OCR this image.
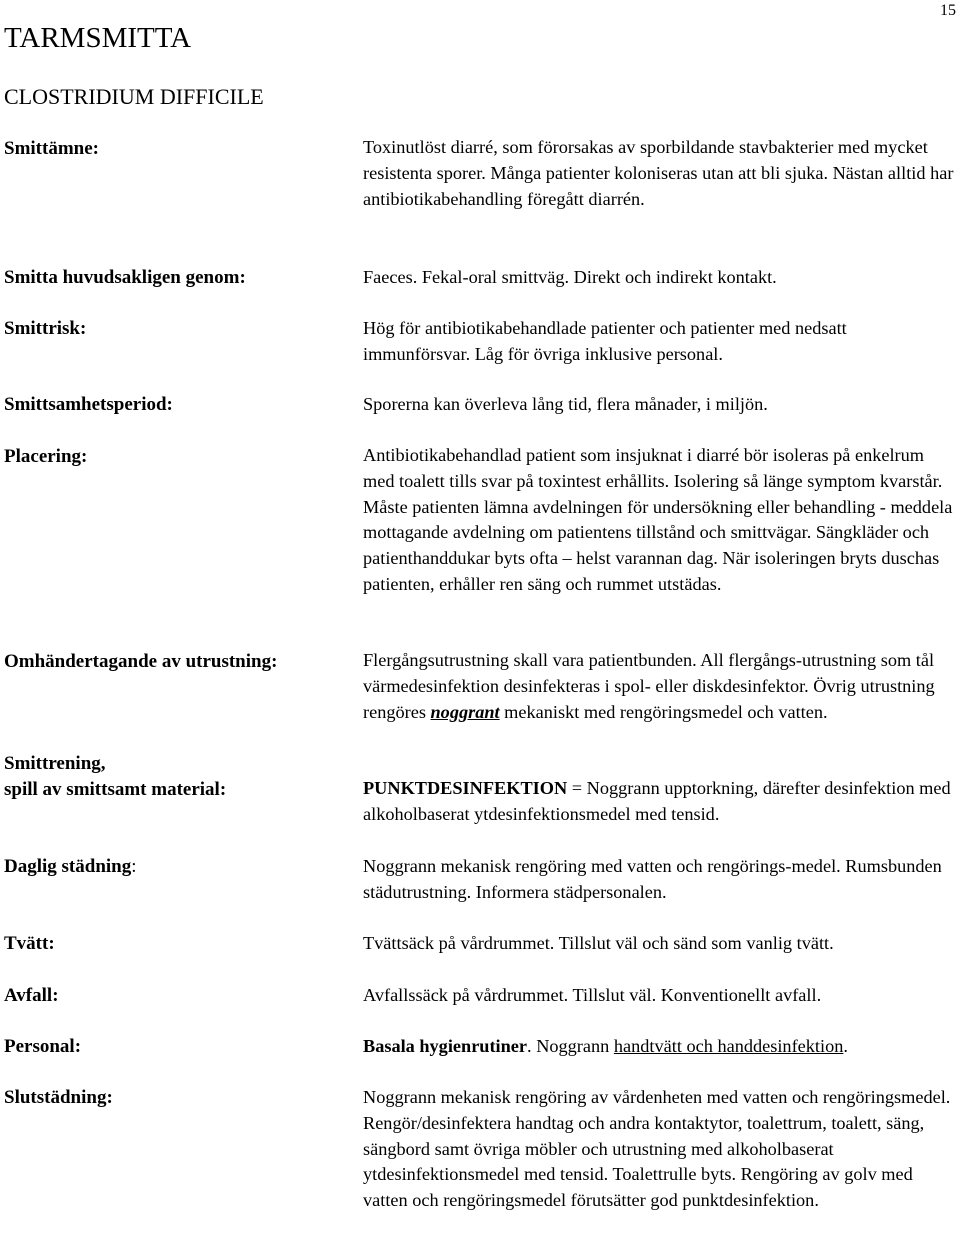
15
TARMSMITTA
CLOSTRIDIUM DIFFICILE
Smittämne:	Toxinutlöst diarré, som förorsakas av sporbildande stavbakterier med mycket resistenta sporer. Många patienter koloniseras utan att bli sjuka. Nästan alltid har antibiotikabehandling föregått diarrén.
Smitta huvudsakligen genom:	Faeces. Fekal-oral smittväg. Direkt och indirekt kontakt.
Smittrisk:	Hög för antibiotikabehandlade patienter och patienter med nedsatt immunförsvar. Låg för övriga inklusive personal.
Smittsamhetsperiod:	Sporerna kan överleva lång tid, flera månader, i miljön.
Placering:	Antibiotikabehandlad patient som insjuknat i diarré bör isoleras på enkelrum med toalett tills svar på toxintest erhållits. Isolering så länge symptom kvarstår. Måste patienten lämna avdelningen för undersökning eller behandling - meddela mottagande avdelning om patientens tillstånd och smittvägar. Sängkläder och patienthanddukar byts ofta – helst varannan dag. När isoleringen bryts duschas patienten, erhåller ren säng och rummet utstädas.
Omhändertagande av utrustning:	Flergångsutrustning skall vara patientbunden. All flergångs-utrustning som tål värmedesinfektion desinfekteras i spol- eller diskdesinfektor. Övrig utrustning rengöres noggrant mekaniskt med rengöringsmedel och vatten.
Smittrening,
spill av smittsamt material:	PUNKTDESINFEKTION = Noggrann upptorkning, därefter desinfektion med alkoholbaserat ytdesinfektionsmedel med tensid.
Daglig städning:	Noggrann mekanisk rengöring med vatten och rengörings-medel. Rumsbunden städutrustning. Informera städpersonalen.
Tvätt:	Tvättsäck på vårdrummet. Tillslut väl och sänd som vanlig tvätt.
Avfall:	Avfallssäck på vårdrummet. Tillslut väl. Konventionellt avfall.
Personal:	Basala hygienrutiner. Noggrann handtvätt och handdesinfektion.
Slutstädning:	Noggrann mekanisk rengöring av vårdenheten med vatten och rengöringsmedel. Rengör/desinfektera handtag och andra kontaktytor, toalettrum, toalett, säng, sängbord samt övriga möbler och utrustning med alkoholbaserat ytdesinfektionsmedel med tensid. Toalettrulle byts. Rengöring av golv med vatten och rengöringsmedel förutsätter god punktdesinfektion.
